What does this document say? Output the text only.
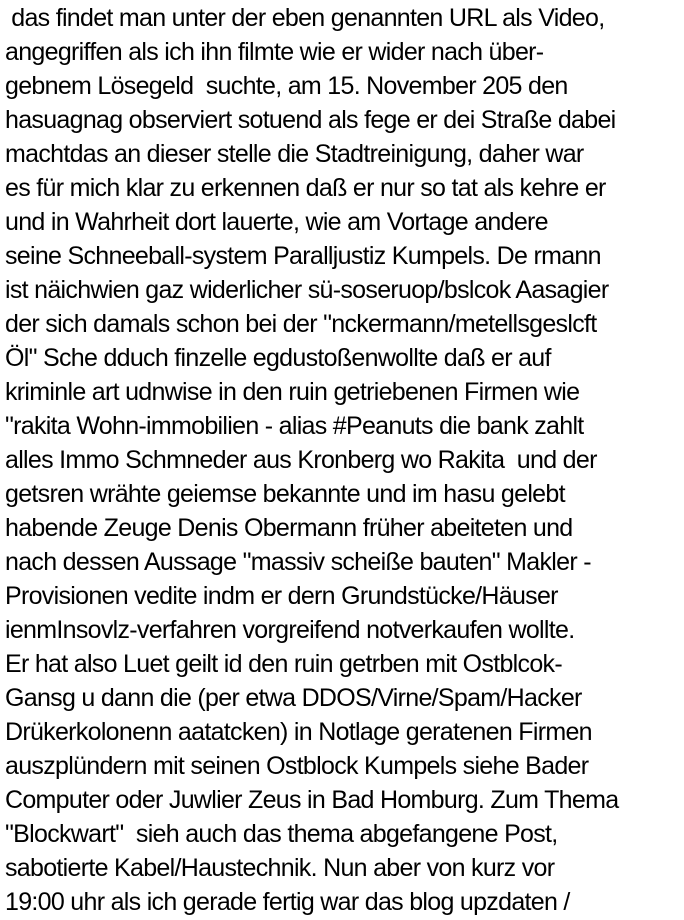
das findet man unter der eben genannten URL als Video,
angegriffen als ich ihn filmte wie er wider nach über-
gebnem Lösegeld  suchte, am 15. November 205 den
hasuagnag observiert sotuend als fege er dei Straße dabei
machtdas an dieser stelle die Stadtreinigung, daher war
es für mich klar zu erkennen daß er nur so tat als kehre er
und in Wahrheit dort lauerte, wie am Vortage andere
seine Schneeball-system Paralljustiz Kumpels. De rmann
ist näichwien gaz widerlicher sü-soseruop/bslcok Aasagier
der sich damals schon bei der "nckermann/metellsgeslcft
Öl" Sche dduch finzelle egdustoßenwollte daß er auf
kriminle art udnwise in den ruin getriebenen Firmen wie
"rakita Wohn-immobilien - alias #Peanuts die bank zahlt
alles Immo Schmneder aus Kronberg wo Rakita  und der
getsren wrähte geiemse bekannte und im hasu gelebt
habende Zeuge Denis Obermann früher abeiteten und
nach dessen Aussage "massiv scheiße bauten" Makler -
Provisionen vedite indm er dern Grundstücke/Häuser
ienmInsovlz-verfahren vorgreifend notverkaufen wollte.
Er hat also Luet geilt id den ruin getrben mit Ostblcok-
Gansg u dann die (per etwa DDOS/Virne/Spam/Hacker
Drükerkolonenn aatatcken) in Notlage geratenen Firmen
auszplündern mit seinen Ostblock Kumpels siehe Bader
Computer oder Juwlier Zeus in Bad Homburg. Zum Thema
"Blockwart"  sieh auch das thema abgefangene Post,
sabotierte Kabel/Haustechnik. Nun aber von kurz vor
19:00 uhr als ich gerade fertig war das blog upzdaten /
